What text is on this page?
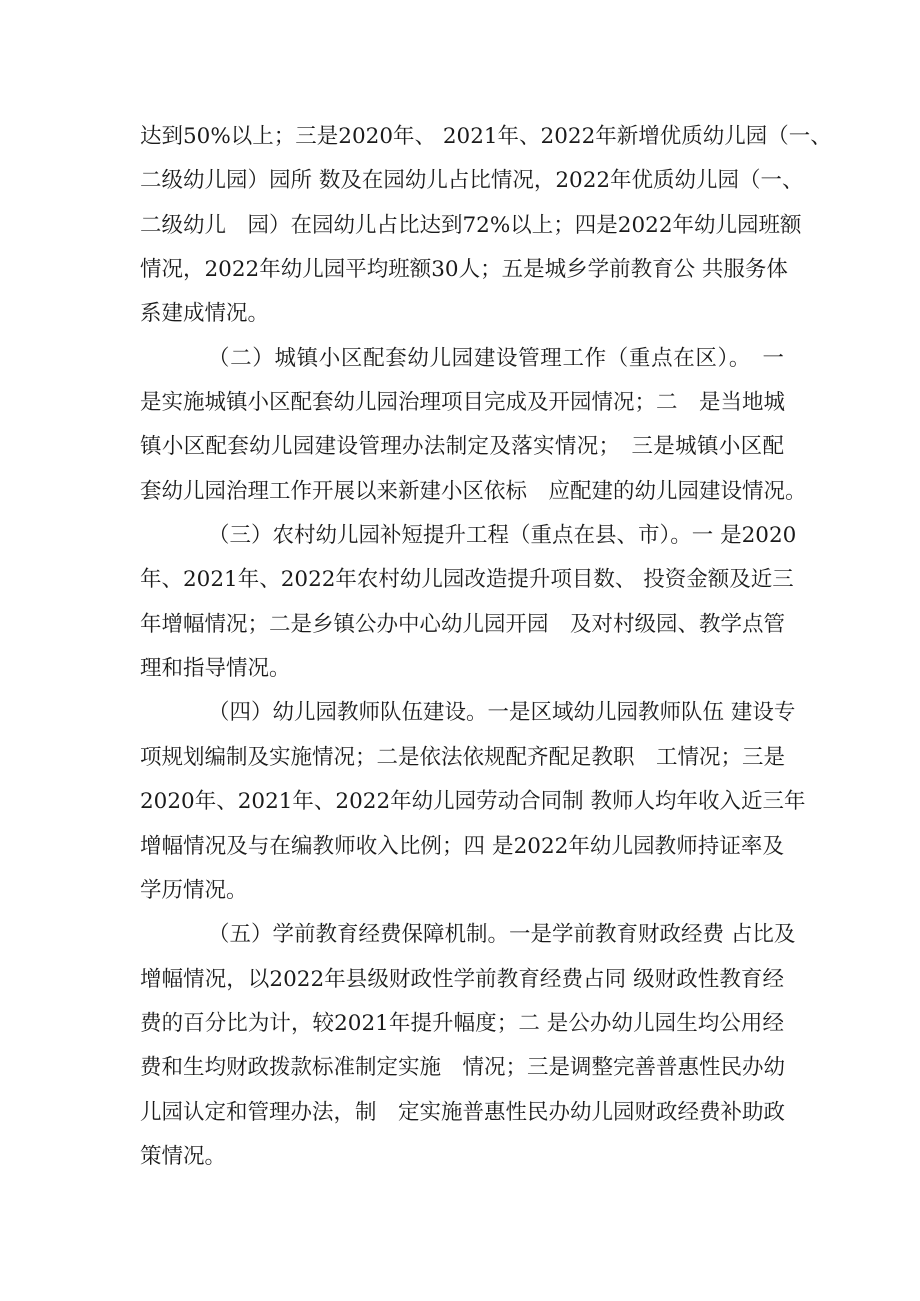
达到50%以上；三是2020年、 2021年、2022年新增优质幼儿园（一、
二级幼儿园）园所 数及在园幼儿占比情况，2022年优质幼儿园（一、
二级幼儿　园）在园幼儿占比达到72%以上；四是2022年幼儿园班额
情况，2022年幼儿园平均班额30人；五是城乡学前教育公 共服务体
系建成情况。
（二）城镇小区配套幼儿园建设管理工作（重点在区）。　一
是实施城镇小区配套幼儿园治理项目完成及开园情况；二　是当地城
镇小区配套幼儿园建设管理办法制定及落实情况；　三是城镇小区配
套幼儿园治理工作开展以来新建小区依标　应配建的幼儿园建设情况。
（三）农村幼儿园补短提升工程（重点在县、市）。一 是2020
年、2021年、2022年农村幼儿园改造提升项目数、 投资金额及近三
年增幅情况；二是乡镇公办中心幼儿园开园　及对村级园、教学点管
理和指导情况。
（四）幼儿园教师队伍建设。一是区域幼儿园教师队伍 建设专
项规划编制及实施情况；二是依法依规配齐配足教职　工情况；三是
2020年、2021年、2022年幼儿园劳动合同制 教师人均年收入近三年
增幅情况及与在编教师收入比例；四 是2022年幼儿园教师持证率及
学历情况。
（五）学前教育经费保障机制。一是学前教育财政经费 占比及
增幅情况，以2022年县级财政性学前教育经费占同 级财政性教育经
费的百分比为计，较2021年提升幅度；二 是公办幼儿园生均公用经
费和生均财政拨款标准制定实施　情况；三是调整完善普惠性民办幼
儿园认定和管理办法，制　定实施普惠性民办幼儿园财政经费补助政
策情况。
